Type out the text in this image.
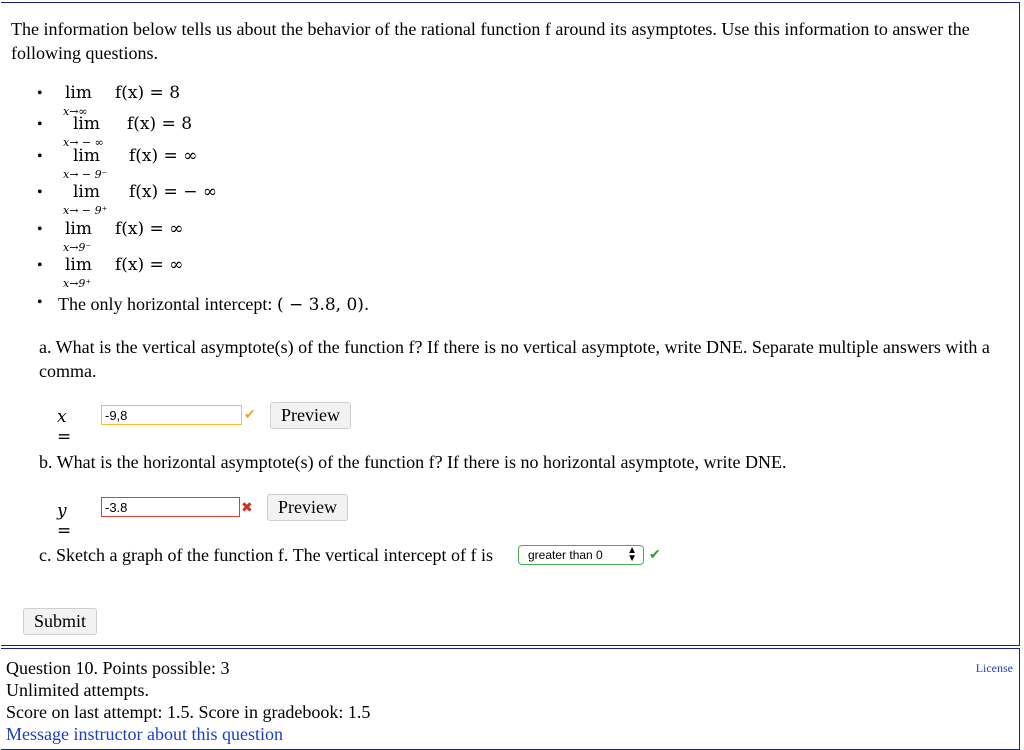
The information below tells us about the behavior of the rational function f around its asymptotes. Use this information to answer the following questions.
• lim
x→∞
f(x) = 8
• lim
x→ − ∞
f(x) = 8
• lim
x→ − 9⁻
f(x) = ∞
• lim
x→ − 9⁺
f(x) = − ∞
• lim
x→9⁻
f(x) = ∞
• lim
x→9⁺
f(x) = ∞
• The only horizontal intercept: ( − 3.8, 0).
a. What is the vertical asymptote(s) of the function f? If there is no vertical asymptote, write DNE. Separate multiple answers with a comma.
x =
-9,8
✔	Preview
b. What is the horizontal asymptote(s) of the function f? If there is no horizontal asymptote, write DNE.
y =
-3.8
✖	Preview
c. Sketch a graph of the function f. The vertical intercept of f is	greater than 0 ▲
▼ ✔
Submit
Question 10. Points possible: 3
Unlimited attempts.
Score on last attempt: 1.5. Score in gradebook: 1.5
Message instructor about this question
License
